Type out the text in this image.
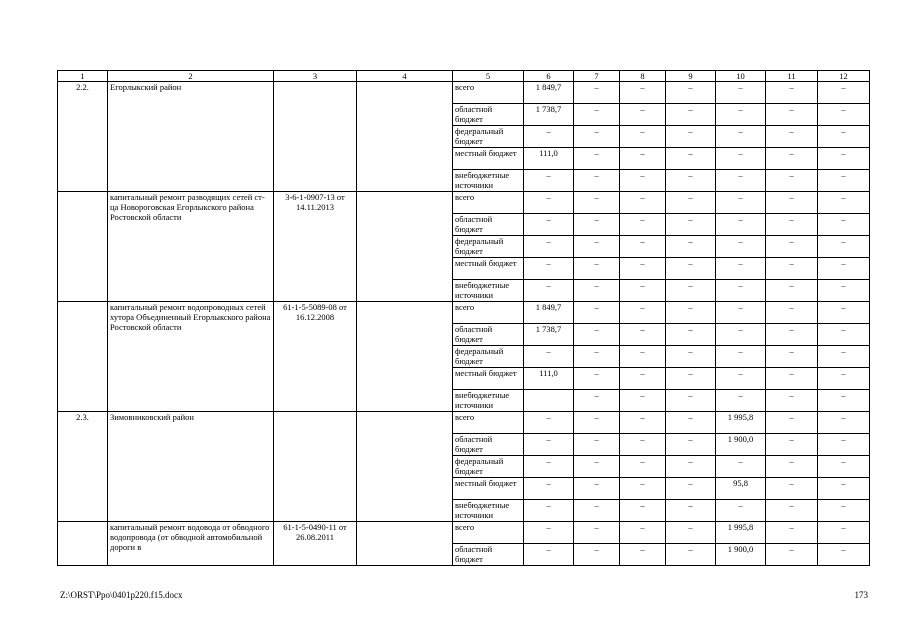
1	2	3	4	5	6	7	8	9	10	11	12
2.2.	Егорлыкский район			всего	1 849,7	–	–	–	–	–	–
				областной бюджет	1 738,7	–	–	–	–	–	–
				федеральный бюджет	–	–	–	–	–	–	–
				местный бюджет	111,0	–	–	–	–	–	–
				внебюджетные источники	–	–	–	–	–	–	–
	капитальный ремонт разводящих сетей ст-ца Новороговская Егорлыкского района Ростовской области	3-6-1-0907-13 от 14.11.2013		всего	–	–	–	–	–	–	–
				областной бюджет	–	–	–	–	–	–	–
				федеральный бюджет	–	–	–	–	–	–	–
				местный бюджет	–	–	–	–	–	–	–
				внебюджетные источники	–	–	–	–	–	–	–
	капитальный ремонт водопроводных сетей хутора Объединенный Егорлыкского района Ростовской области	61-1-5-5089-08 от 16.12.2008		всего	1 849,7	–	–	–	–	–	–
				областной бюджет	1 738,7	–	–	–	–	–	–
				федеральный бюджет	–	–	–	–	–	–	–
				местный бюджет	111,0	–	–	–	–	–	–
				внебюджетные источники		–	–	–	–	–	–
2.3.	Зимовниковский район			всего	–	–	–	–	1 995,8	–	–
				областной бюджет	–	–	–	–	1 900,0	–	–
				федеральный бюджет	–	–	–	–	–	–	–
				местный бюджет	–	–	–	–	95,8	–	–
				внебюджетные источники	–	–	–	–	–	–	–
	капитальный ремонт водовода от обводного водопровода (от обводной автомобильной дороги в	61-1-5-0490-11 от 26.08.2011		всего	–	–	–	–	1 995,8	–	–
				областной бюджет	–	–	–	–	1 900,0	–	–
Z:\ORST\Ppo\0401p220.f15.docx	173
